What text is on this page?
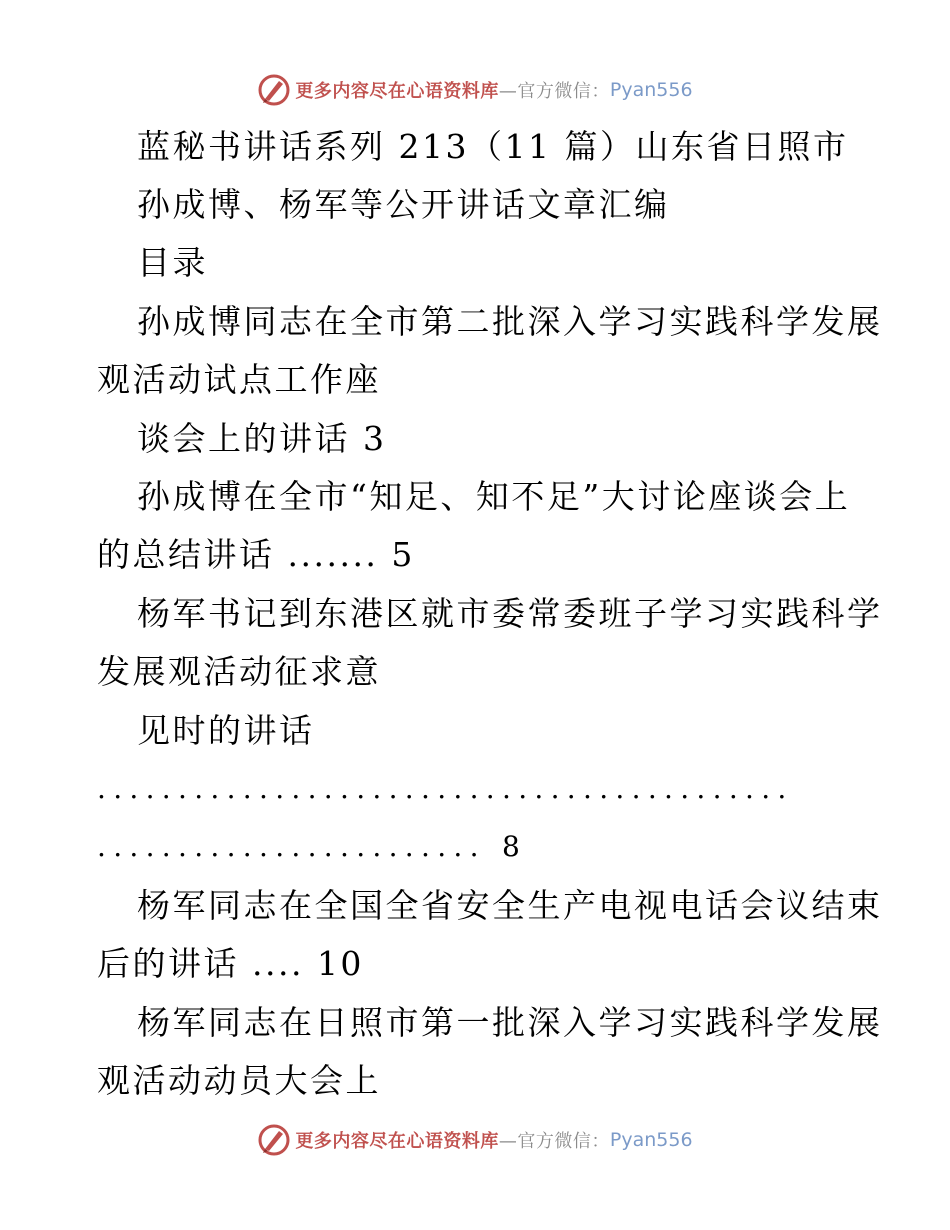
更多内容尽在心语资料库 —官方微信： Pyan556
蓝秘书讲话系列 213（11 篇）山东省日照市
孙成博、杨军等公开讲话文章汇编
目录
孙成博同志在全市第二批深入学习实践科学发展
观活动试点工作座
谈会上的讲话 3
孙成博在全市“知足、知不足”大讨论座谈会上
的总结讲话 ....... 5
杨军书记到东港区就市委常委班子学习实践科学
发展观活动征求意
见时的讲话
...........................................
........................ 8
杨军同志在全国全省安全生产电视电话会议结束
后的讲话 .... 10
杨军同志在日照市第一批深入学习实践科学发展
观活动动员大会上
更多内容尽在心语资料库 —官方微信： Pyan556
